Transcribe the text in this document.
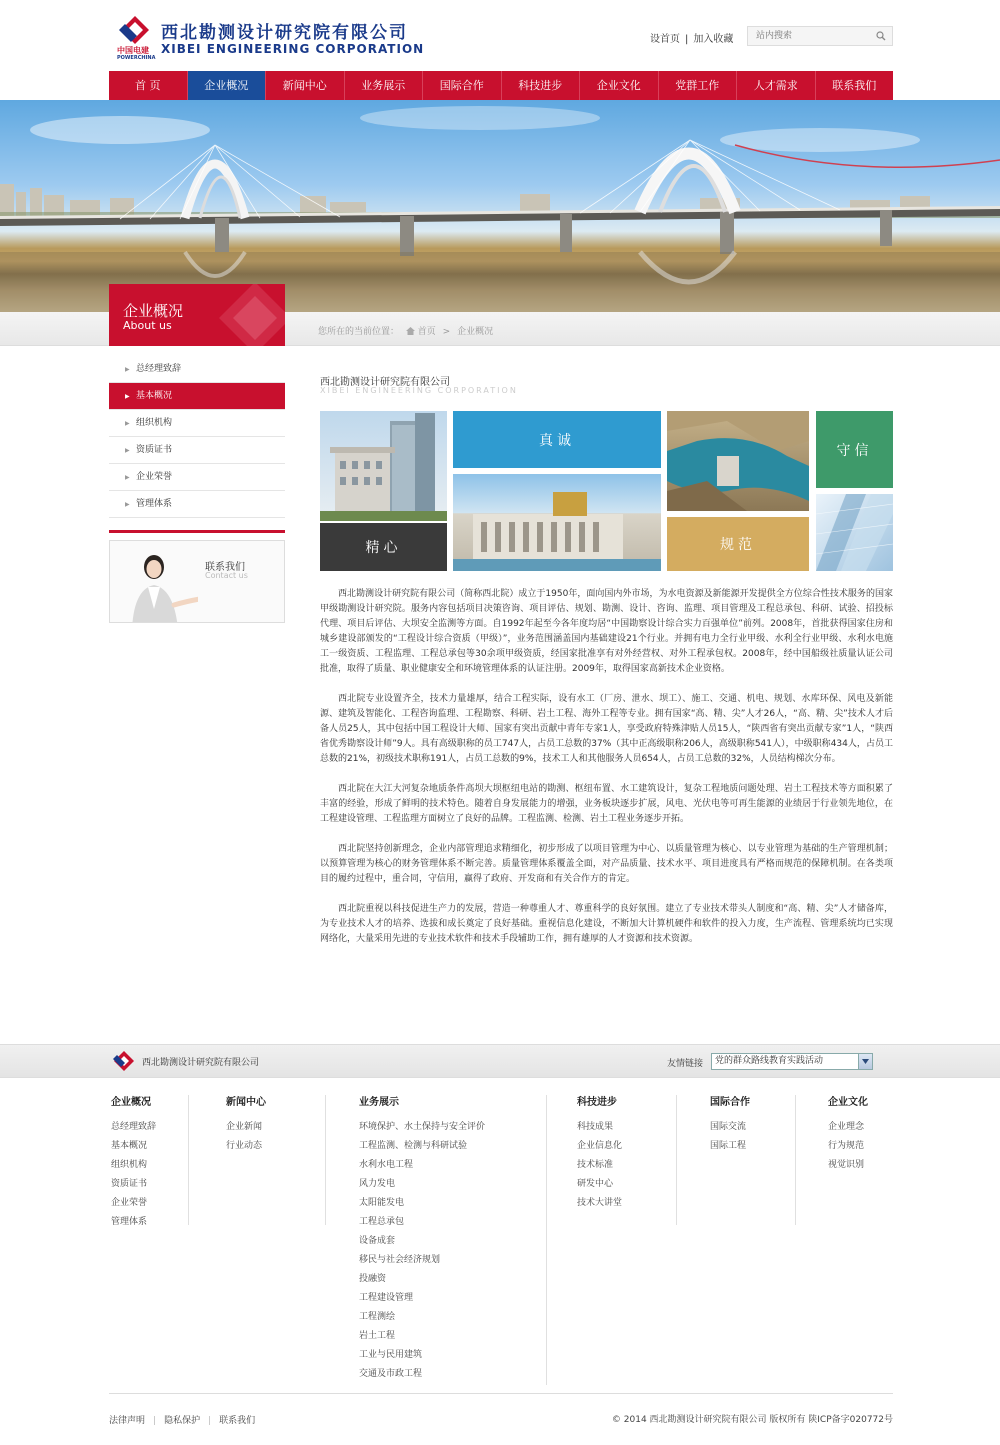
中国电建
POWERCHINA
西北勘测设计研究院有限公司
XIBEI ENGINEERING CORPORATION
设首页 | 加入收藏
站内搜索
首 页	企业概况	新闻中心	业务展示	国际合作	科技进步	企业文化	党群工作	人才需求	联系我们
企业概况
About us	您所在的当前位置： 首页 > 企业概况
▶ 总经理致辞
▶ 基本概况
▶ 组织机构
▶ 资质证书
▶ 企业荣誉
▶ 管理体系
联系我们
Contact us
西北勘测设计研究院有限公司
XIBEI ENGINEERING CORPORATION
真诚
守信
精心	规范

西北勘测设计研究院有限公司（简称西北院）成立于1950年，面向国内外市场，为水电资源及新能源开发提供全方位综合性技术服务的国家甲级勘测设计研究院。服务内容包括项目决策咨询、项目评估、规划、勘测、设计、咨询、监理、项目管理及工程总承包、科研、试验、招投标代理、项目后评估、大坝安全监测等方面。自1992年起至今各年度均居“中国勘察设计综合实力百强单位”前列。2008年，首批获得国家住房和城乡建设部颁发的“工程设计综合资质（甲级）”，业务范围涵盖国内基础建设21个行业。并拥有电力全行业甲级、水利全行业甲级、水利水电施工一级资质、工程监理、工程总承包等30余项甲级资质，经国家批准享有对外经营权、对外工程承包权。2008年，经中国船级社质量认证公司批准，取得了质量、职业健康安全和环境管理体系的认证注册。2009年，取得国家高新技术企业资格。

西北院专业设置齐全，技术力量雄厚，结合工程实际，设有水工（厂房、泄水、坝工）、施工、交通、机电、规划、水库环保、风电及新能源、建筑及智能化、工程咨询监理、工程勘察、科研、岩土工程、海外工程等专业。拥有国家“高、精、尖”人才26人，“高、精、尖”技术人才后备人员25人，其中包括中国工程设计大师、国家有突出贡献中青年专家1人，享受政府特殊津贴人员15人，“陕西省有突出贡献专家”1人，“陕西省优秀勘察设计师”9人。具有高级职称的员工747人，占员工总数的37%（其中正高级职称206人，高级职称541人），中级职称434人，占员工总数的21%，初级技术职称191人，占员工总数的9%，技术工人和其他服务人员654人，占员工总数的32%，人员结构梯次分布。

西北院在大江大河复杂地质条件高坝大坝枢纽电站的勘测、枢纽布置、水工建筑设计，复杂工程地质问题处理、岩土工程技术等方面积累了丰富的经验，形成了鲜明的技术特色。随着自身发展能力的增强，业务板块逐步扩展，风电、光伏电等可再生能源的业绩居于行业领先地位，在工程建设管理、工程监理方面树立了良好的品牌。工程监测、检测、岩土工程业务逐步开拓。

西北院坚持创新理念，企业内部管理追求精细化，初步形成了以项目管理为中心、以质量管理为核心、以专业管理为基础的生产管理机制；以预算管理为核心的财务管理体系不断完善。质量管理体系覆盖全面，对产品质量、技术水平、项目进度具有严格而规范的保障机制。在各类项目的履约过程中，重合同，守信用，赢得了政府、开发商和有关合作方的肯定。

西北院重视以科技促进生产力的发展，营造一种尊重人才、尊重科学的良好氛围。建立了专业技术带头人制度和“高、精、尖”人才储备库，为专业技术人才的培养、选拔和成长奠定了良好基础。重视信息化建设，不断加大计算机硬件和软件的投入力度，生产流程、管理系统均已实现网络化，大量采用先进的专业技术软件和技术手段辅助工作，拥有雄厚的人才资源和技术资源。

西北勘测设计研究院有限公司	友情链接	党的群众路线教育实践活动
企业概况
总经理致辞
基本概况
组织机构
资质证书
企业荣誉
管理体系
新闻中心
企业新闻
行业动态
业务展示
环境保护、水土保持与安全评价
工程监测、检测与科研试验
水利水电工程
风力发电
太阳能发电
工程总承包
设备成套
移民与社会经济规划
投融资
工程建设管理
工程测绘
岩土工程
工业与民用建筑
交通及市政工程
科技进步
科技成果
企业信息化
技术标准
研发中心
技术大讲堂
国际合作
国际交流
国际工程
企业文化
企业理念
行为规范
视觉识别
法律声明 | 隐私保护 | 联系我们	© 2014 西北勘测设计研究院有限公司 版权所有 陕ICP备字020772号
